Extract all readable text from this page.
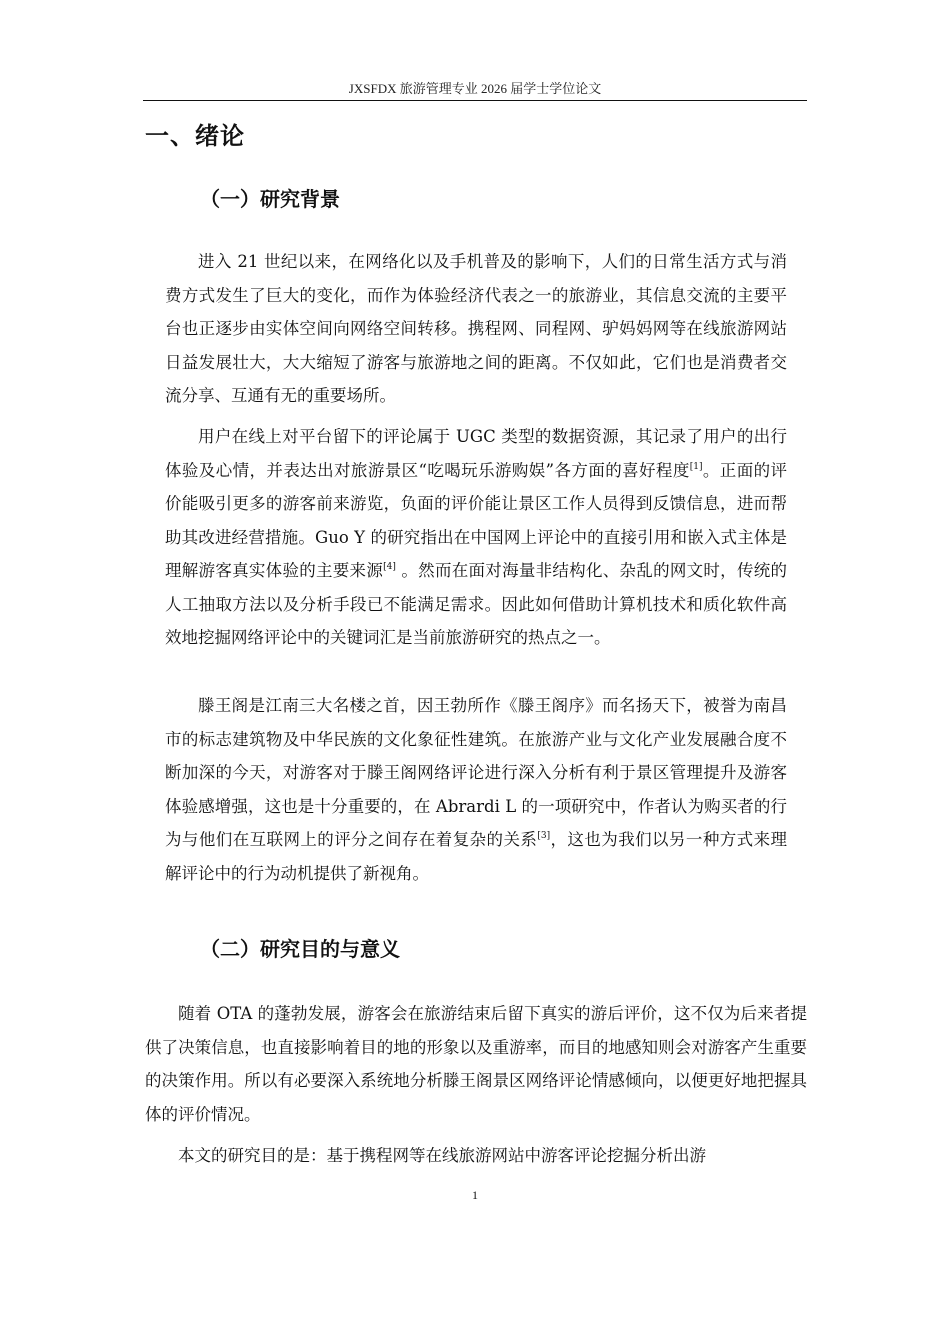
JXSFDX 旅游管理专业 2026 届学士学位论文
一、绪论
（一）研究背景
进入 21 世纪以来，在网络化以及手机普及的影响下，人们的日常生活方式与消费方式发生了巨大的变化，而作为体验经济代表之一的旅游业，其信息交流的主要平台也正逐步由实体空间向网络空间转移。携程网、同程网、驴妈妈网等在线旅游网站日益发展壮大，大大缩短了游客与旅游地之间的距离。不仅如此，它们也是消费者交流分享、互通有无的重要场所。
用户在线上对平台留下的评论属于 UGC 类型的数据资源，其记录了用户的出行体验及心情，并表达出对旅游景区“吃喝玩乐游购娱”各方面的喜好程度[1]。正面的评价能吸引更多的游客前来游览，负面的评价能让景区工作人员得到反馈信息，进而帮助其改进经营措施。Guo Y 的研究指出在中国网上评论中的直接引用和嵌入式主体是理解游客真实体验的主要来源[4] 。然而在面对海量非结构化、杂乱的网文时，传统的人工抽取方法以及分析手段已不能满足需求。因此如何借助计算机技术和质化软件高效地挖掘网络评论中的关键词汇是当前旅游研究的热点之一。
滕王阁是江南三大名楼之首，因王勃所作《滕王阁序》而名扬天下，被誉为南昌市的标志建筑物及中华民族的文化象征性建筑。在旅游产业与文化产业发展融合度不断加深的今天，对游客对于滕王阁网络评论进行深入分析有利于景区管理提升及游客体验感增强，这也是十分重要的，在 Abrardi L 的一项研究中，作者认为购买者的行为与他们在互联网上的评分之间存在着复杂的关系[3]，这也为我们以另一种方式来理解评论中的行为动机提供了新视角。
（二）研究目的与意义
随着 OTA 的蓬勃发展，游客会在旅游结束后留下真实的游后评价，这不仅为后来者提供了决策信息，也直接影响着目的地的形象以及重游率，而目的地感知则会对游客产生重要的决策作用。所以有必要深入系统地分析滕王阁景区网络评论情感倾向，以便更好地把握具体的评价情况。
本文的研究目的是：基于携程网等在线旅游网站中游客评论挖掘分析出游
1
